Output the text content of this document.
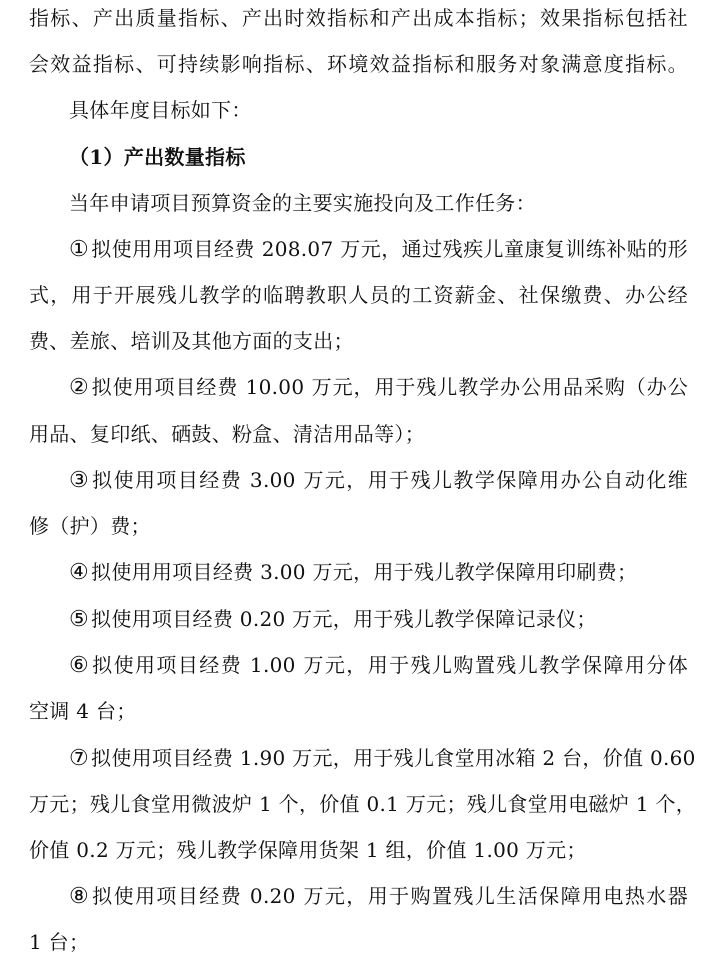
指标、产出质量指标、产出时效指标和产出成本指标；效果指标包括社
会效益指标、可持续影响指标、环境效益指标和服务对象满意度指标。
具体年度目标如下：
（1）产出数量指标
当年申请项目预算资金的主要实施投向及工作任务：
① 拟使用用项目经费 208.07 万元，通过残疾儿童康复训练补贴的形
式，用于开展残儿教学的临聘教职人员的工资薪金、社保缴费、办公经
费、差旅、培训及其他方面的支出；
② 拟使用项目经费 10.00 万元，用于残儿教学办公用品采购（办公
用品、复印纸、硒鼓、粉盒、清洁用品等）；
③ 拟使用项目经费 3.00 万元，用于残儿教学保障用办公自动化维
修（护）费；
④ 拟使用用项目经费 3.00 万元，用于残儿教学保障用印刷费；
⑤ 拟使用项目经费 0.20 万元，用于残儿教学保障记录仪；
⑥ 拟使用项目经费 1.00 万元，用于残儿购置残儿教学保障用分体
空调 4 台；
⑦ 拟使用项目经费 1.90 万元，用于残儿食堂用冰箱 2 台，价值 0.60
万元；残儿食堂用微波炉 1 个，价值 0.1 万元；残儿食堂用电磁炉 1 个，
价值 0.2 万元；残儿教学保障用货架 1 组，价值 1.00 万元；
⑧ 拟使用项目经费 0.20 万元，用于购置残儿生活保障用电热水器
1 台；
